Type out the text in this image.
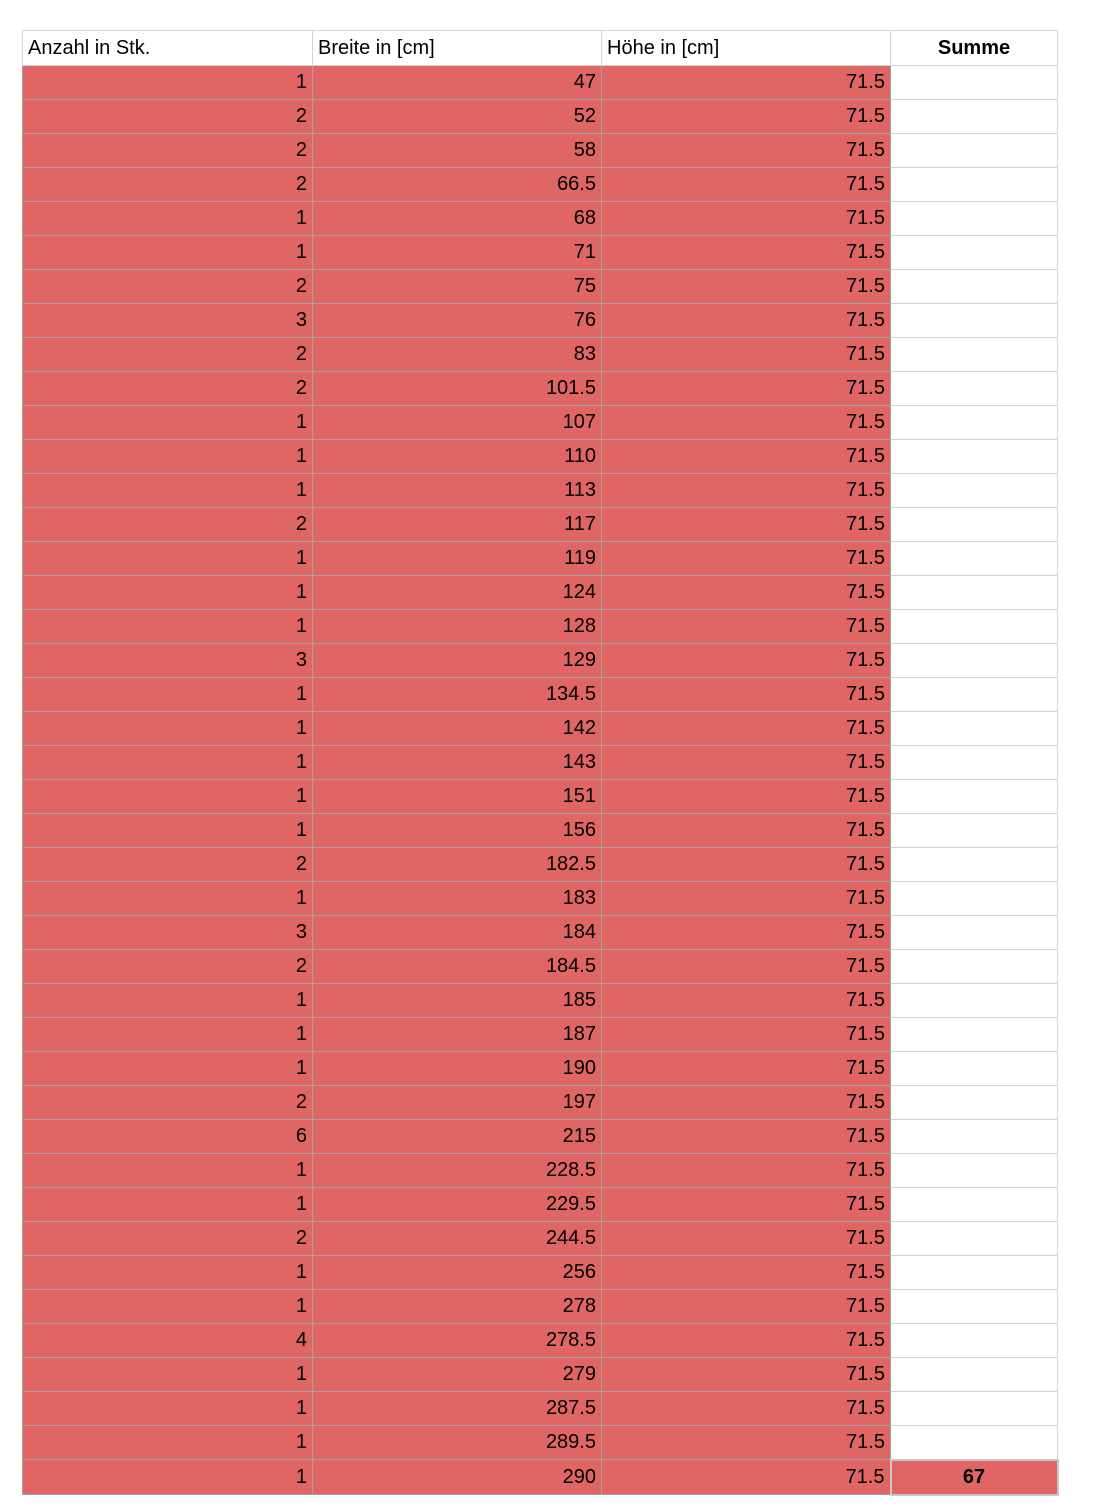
Anzahl in Stk.	Breite in [cm]	Höhe in [cm]	Summe
1	47	71.5	
2	52	71.5	
2	58	71.5	
2	66.5	71.5	
1	68	71.5	
1	71	71.5	
2	75	71.5	
3	76	71.5	
2	83	71.5	
2	101.5	71.5	
1	107	71.5	
1	110	71.5	
1	113	71.5	
2	117	71.5	
1	119	71.5	
1	124	71.5	
1	128	71.5	
3	129	71.5	
1	134.5	71.5	
1	142	71.5	
1	143	71.5	
1	151	71.5	
1	156	71.5	
2	182.5	71.5	
1	183	71.5	
3	184	71.5	
2	184.5	71.5	
1	185	71.5	
1	187	71.5	
1	190	71.5	
2	197	71.5	
6	215	71.5	
1	228.5	71.5	
1	229.5	71.5	
2	244.5	71.5	
1	256	71.5	
1	278	71.5	
4	278.5	71.5	
1	279	71.5	
1	287.5	71.5	
1	289.5	71.5	
1	290	71.5	67
